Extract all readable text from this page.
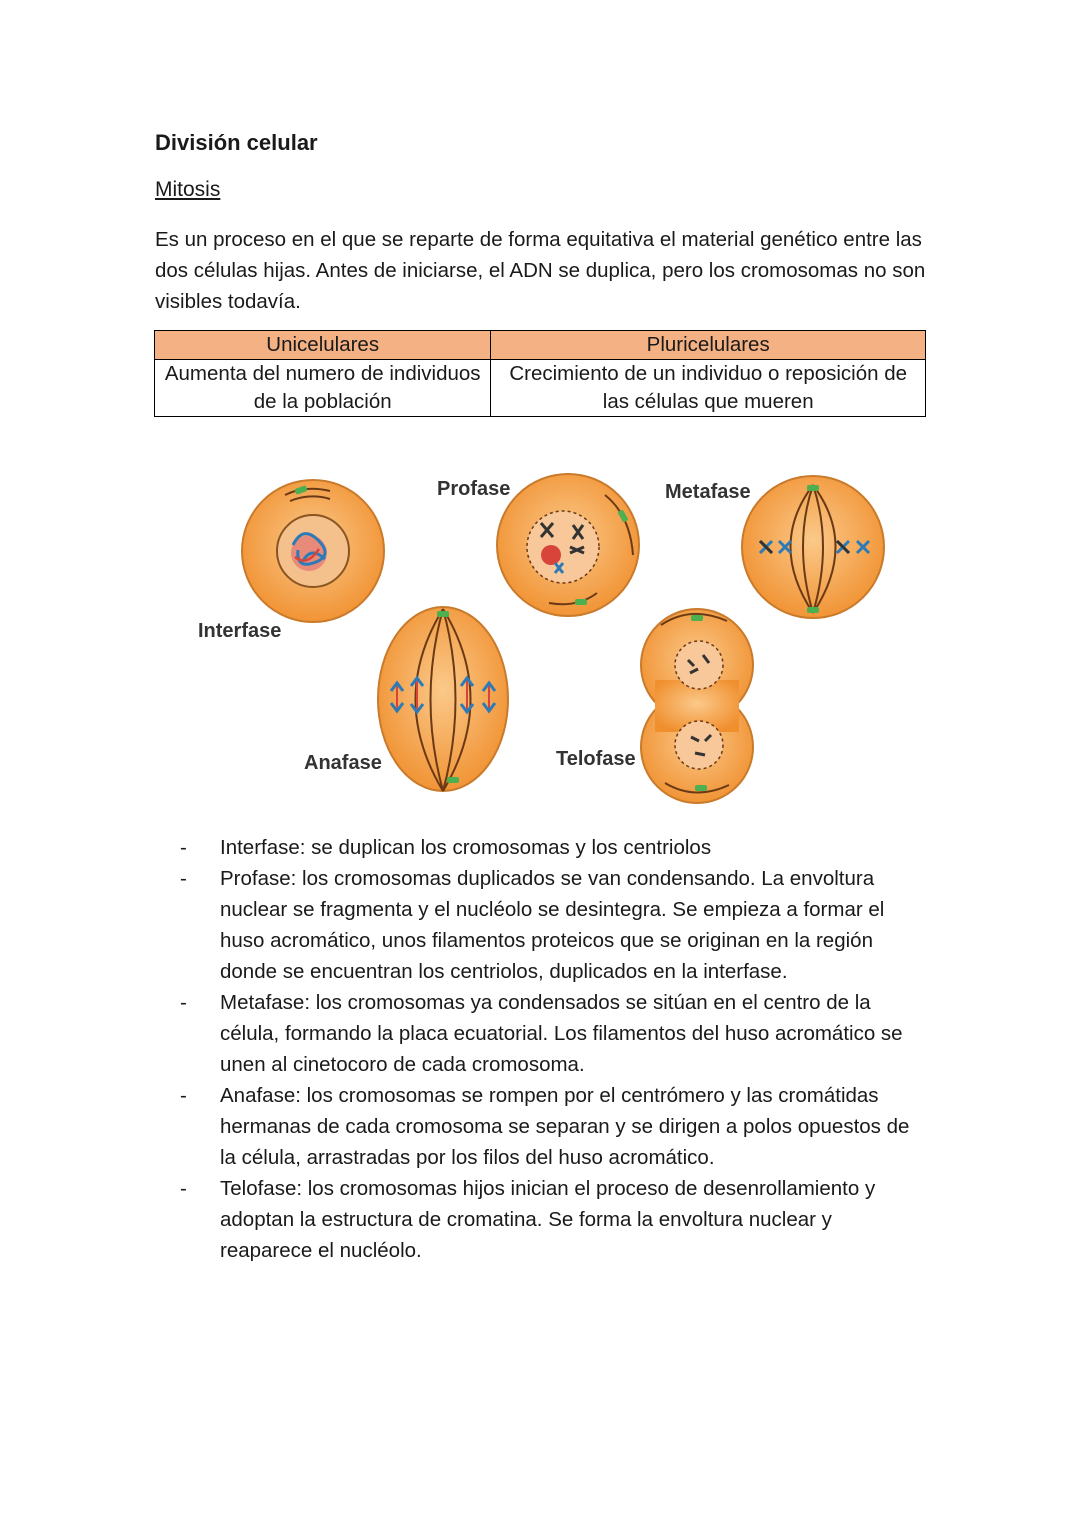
División celular
Mitosis

Es un proceso en el que se reparte de forma equitativa el material genético entre las dos células hijas. Antes de iniciarse, el ADN se duplica, pero los cromosomas no son visibles todavía.

Unicelulares	Pluricelulares
Aumenta del numero de individuos de la población	Crecimiento de un individuo o reposición de las células que mueren
Interfase
Profase	Metafase
Anafase	Telofase
- Interfase: se duplican los cromosomas y los centriolos
- Profase: los cromosomas duplicados se van condensando. La envoltura nuclear se fragmenta y el nucléolo se desintegra. Se empieza a formar el huso acromático, unos filamentos proteicos que se originan en la región donde se encuentran los centriolos, duplicados en la interfase.
- Metafase: los cromosomas ya condensados se sitúan en el centro de la célula, formando la placa ecuatorial. Los filamentos del huso acromático se unen al cinetocoro de cada cromosoma.
- Anafase: los cromosomas se rompen por el centrómero y las cromátidas hermanas de cada cromosoma se separan y se dirigen a polos opuestos de la célula, arrastradas por los filos del huso acromático.
- Telofase: los cromosomas hijos inician el proceso de desenrollamiento y adoptan la estructura de cromatina. Se forma la envoltura nuclear y reaparece el nucléolo.
